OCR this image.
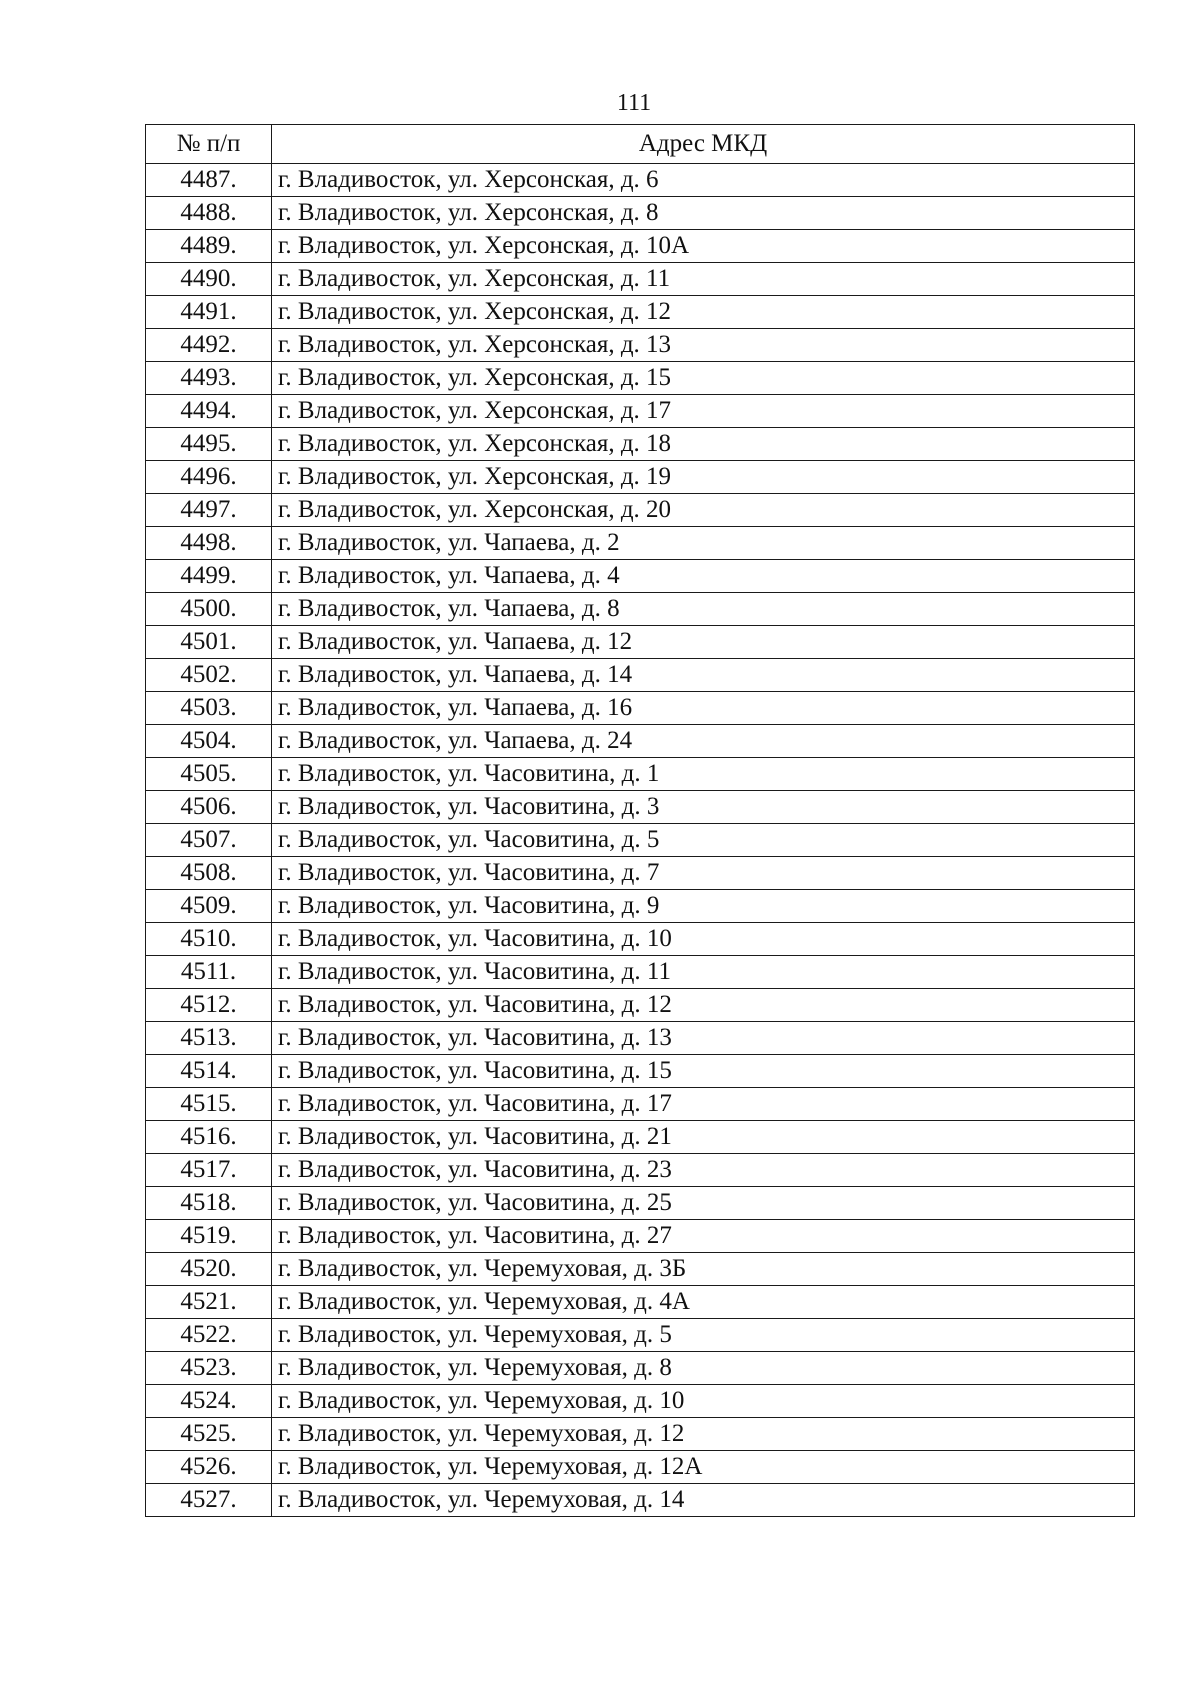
111
№ п/п	Адрес МКД
4487.	г. Владивосток, ул. Херсонская, д. 6
4488.	г. Владивосток, ул. Херсонская, д. 8
4489.	г. Владивосток, ул. Херсонская, д. 10А
4490.	г. Владивосток, ул. Херсонская, д. 11
4491.	г. Владивосток, ул. Херсонская, д. 12
4492.	г. Владивосток, ул. Херсонская, д. 13
4493.	г. Владивосток, ул. Херсонская, д. 15
4494.	г. Владивосток, ул. Херсонская, д. 17
4495.	г. Владивосток, ул. Херсонская, д. 18
4496.	г. Владивосток, ул. Херсонская, д. 19
4497.	г. Владивосток, ул. Херсонская, д. 20
4498.	г. Владивосток, ул. Чапаева, д. 2
4499.	г. Владивосток, ул. Чапаева, д. 4
4500.	г. Владивосток, ул. Чапаева, д. 8
4501.	г. Владивосток, ул. Чапаева, д. 12
4502.	г. Владивосток, ул. Чапаева, д. 14
4503.	г. Владивосток, ул. Чапаева, д. 16
4504.	г. Владивосток, ул. Чапаева, д. 24
4505.	г. Владивосток, ул. Часовитина, д. 1
4506.	г. Владивосток, ул. Часовитина, д. 3
4507.	г. Владивосток, ул. Часовитина, д. 5
4508.	г. Владивосток, ул. Часовитина, д. 7
4509.	г. Владивосток, ул. Часовитина, д. 9
4510.	г. Владивосток, ул. Часовитина, д. 10
4511.	г. Владивосток, ул. Часовитина, д. 11
4512.	г. Владивосток, ул. Часовитина, д. 12
4513.	г. Владивосток, ул. Часовитина, д. 13
4514.	г. Владивосток, ул. Часовитина, д. 15
4515.	г. Владивосток, ул. Часовитина, д. 17
4516.	г. Владивосток, ул. Часовитина, д. 21
4517.	г. Владивосток, ул. Часовитина, д. 23
4518.	г. Владивосток, ул. Часовитина, д. 25
4519.	г. Владивосток, ул. Часовитина, д. 27
4520.	г. Владивосток, ул. Черемуховая, д. 3Б
4521.	г. Владивосток, ул. Черемуховая, д. 4А
4522.	г. Владивосток, ул. Черемуховая, д. 5
4523.	г. Владивосток, ул. Черемуховая, д. 8
4524.	г. Владивосток, ул. Черемуховая, д. 10
4525.	г. Владивосток, ул. Черемуховая, д. 12
4526.	г. Владивосток, ул. Черемуховая, д. 12А
4527.	г. Владивосток, ул. Черемуховая, д. 14
